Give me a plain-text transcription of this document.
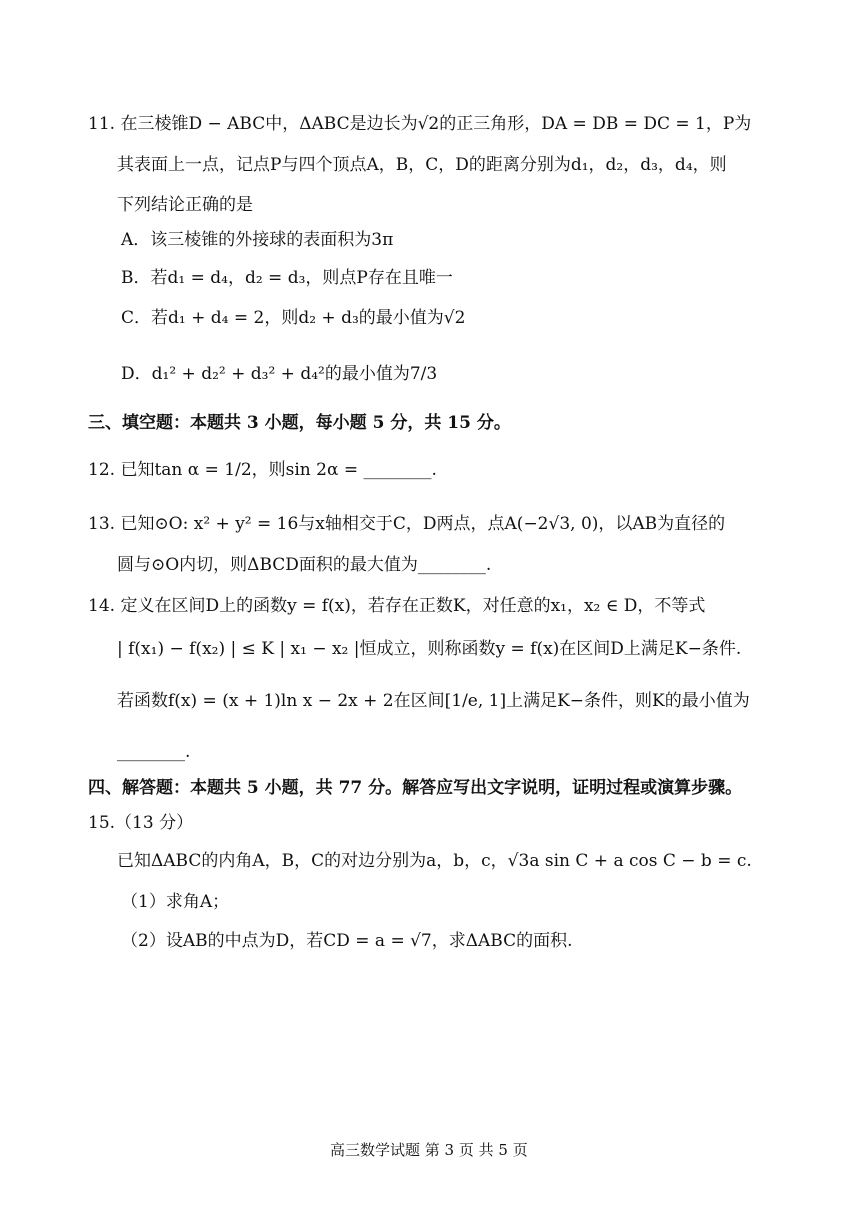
11. 在三棱锥D − ABC中，ΔABC是边长为√2的正三角形，DA = DB = DC = 1，P为
其表面上一点，记点P与四个顶点A，B，C，D的距离分别为d₁，d₂，d₃，d₄，则
下列结论正确的是
A．该三棱锥的外接球的表面积为3π
B．若d₁ = d₄，d₂ = d₃，则点P存在且唯一
C．若d₁ + d₄ = 2，则d₂ + d₃的最小值为√2
D．d₁² + d₂² + d₃² + d₄²的最小值为7/3
三、填空题：本题共 3 小题，每小题 5 分，共 15 分。
12. 已知tan α = 1/2，则sin 2α = ________.
13. 已知⊙O: x² + y² = 16与x轴相交于C，D两点，点A(−2√3, 0)，以AB为直径的
圆与⊙O内切，则ΔBCD面积的最大值为________.
14. 定义在区间D上的函数y = f(x)，若存在正数K，对任意的x₁，x₂ ∈ D，不等式
| f(x₁) − f(x₂) | ≤ K | x₁ − x₂ |恒成立，则称函数y = f(x)在区间D上满足K−条件.
若函数f(x) = (x + 1)ln x − 2x + 2在区间[1/e, 1]上满足K−条件，则K的最小值为
________.
四、解答题：本题共 5 小题，共 77 分。解答应写出文字说明，证明过程或演算步骤。
15.（13 分）
已知ΔABC的内角A，B，C的对边分别为a，b，c，√3a sin C + a cos C − b = c.
（1）求角A；
（2）设AB的中点为D，若CD = a = √7，求ΔABC的面积.
高三数学试题 第 3 页 共 5 页
